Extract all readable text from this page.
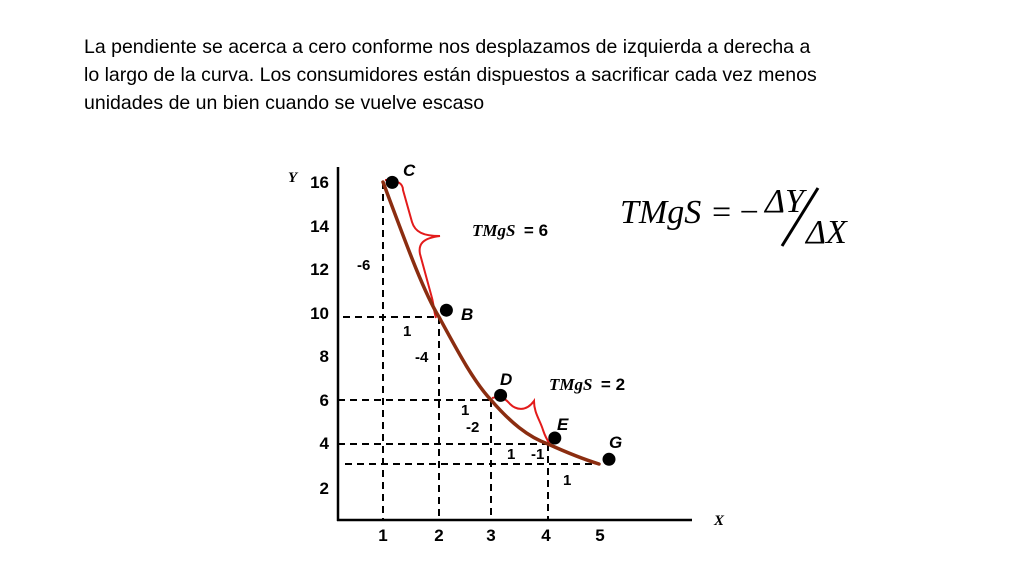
La pendiente se acerca a cero conforme nos desplazamos de izquierda a derecha a
lo largo de la curva. Los consumidores están dispuestos a sacrificar cada vez menos
unidades de un bien cuando se vuelve escaso
Y
X
16
14
12
10
8
6
4
2
1	2	3	4	5
C
B
D
E
G
-6
1
-4
1
-2
1 -1
1
TMgS = 6
TMgS = 2
TMgS = − ΔY
ΔX
